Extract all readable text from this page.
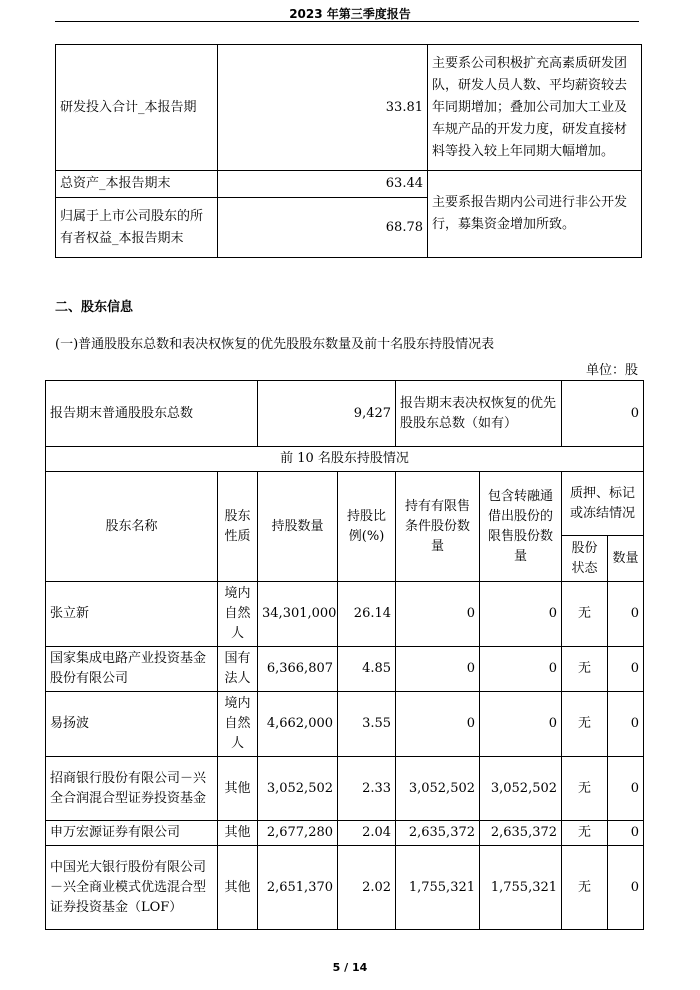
2023 年第三季度报告
研发投入合计_本报告期	33.81	主要系公司积极扩充高素质研发团队，研发人员人数、平均薪资较去年同期增加；叠加公司加大工业及车规产品的开发力度，研发直接材料等投入较上年同期大幅增加。
总资产_本报告期末	63.44	主要系报告期内公司进行非公开发行，募集资金增加所致。
归属于上市公司股东的所有者权益_本报告期末	68.78	
二、股东信息
(一)普通股股东总数和表决权恢复的优先股股东数量及前十名股东持股情况表
单位：股
报告期末普通股股东总数		9,427		报告期末表决权恢复的优先股股东总数（如有）		0	
前 10 名股东持股情况							
股东名称	股东性质	持股数量	持股比例(%)	持有有限售条件股份数量	包含转融通借出股份的限售股份数量	质押、标记或冻结情况	
						股份状态	数量
张立新	境内自然人	34,301,000	26.14	0	0	无	0
国家集成电路产业投资基金股份有限公司	国有法人	6,366,807	4.85	0	0	无	0
易扬波	境内自然人	4,662,000	3.55	0	0	无	0
招商银行股份有限公司－兴全合润混合型证券投资基金	其他	3,052,502	2.33	3,052,502	3,052,502	无	0
申万宏源证券有限公司	其他	2,677,280	2.04	2,635,372	2,635,372	无	0
中国光大银行股份有限公司－兴全商业模式优选混合型证券投资基金（LOF）	其他	2,651,370	2.02	1,755,321	1,755,321	无	0
5 / 14
